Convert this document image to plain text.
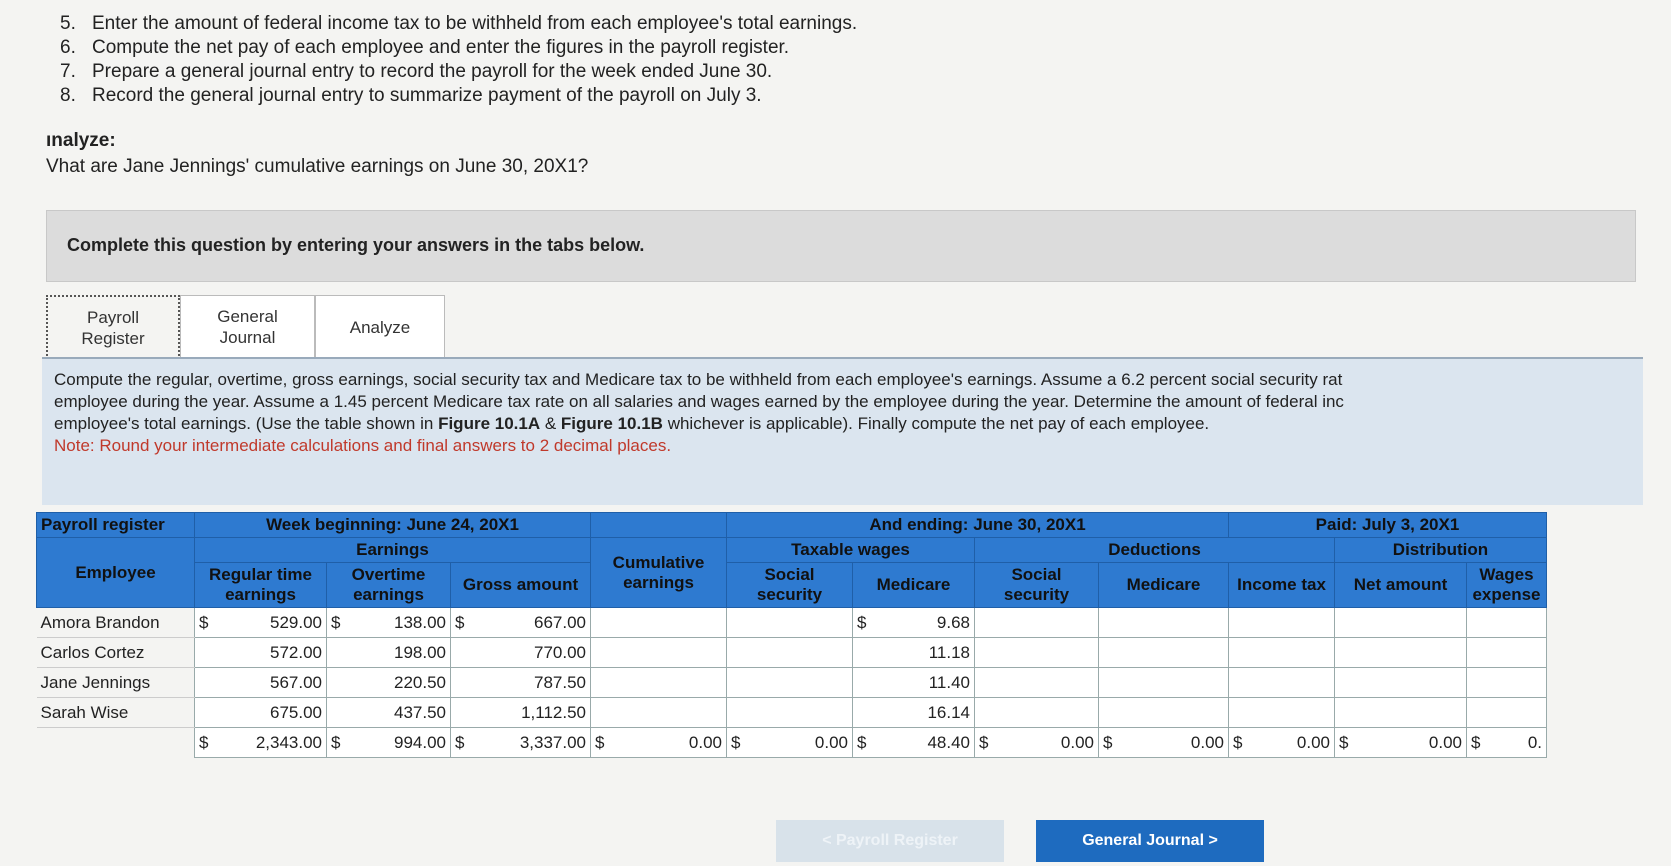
5. Enter the amount of federal income tax to be withheld from each employee's total earnings.
6. Compute the net pay of each employee and enter the figures in the payroll register.
7. Prepare a general journal entry to record the payroll for the week ended June 30.
8. Record the general journal entry to summarize payment of the payroll on July 3.
ınalyze:
Vhat are Jane Jennings' cumulative earnings on June 30, 20X1?
Complete this question by entering your answers in the tabs below.
Payroll
Register
General
Journal
Analyze

Compute the regular, overtime, gross earnings, social security tax and Medicare tax to be withheld from each employee's earnings. Assume a 6.2 percent social security rat

employee during the year. Assume a 1.45 percent Medicare tax rate on all salaries and wages earned by the employee during the year. Determine the amount of federal inc

employee's total earnings. (Use the table shown in Figure 10.1A & Figure 10.1B whichever is applicable). Finally compute the net pay of each employee.

Note: Round your intermediate calculations and final answers to 2 decimal places.

Payroll register	Week beginning: June 24, 20X1				And ending: June 30, 20X1				Paid: July 3, 20X1		
Employee	Earnings			Cumulative earnings	Taxable wages		Deductions			Distribution	
	Regular time earnings	Overtime earnings	Gross amount		Social security	Medicare	Social security	Medicare	Income tax	Net amount	Wages expense
Amora Brandon	$ 529.00	$ 138.00	$ 667.00			$ 9.68					

Carlos Cortez	572.00	198.00	770.00			11.18					
Jane Jennings	567.00	220.50	787.50			11.40					
Sarah Wise	675.00	437.50	1,112.50			16.14					

	$ 2,343.00	$ 994.00	$ 3,337.00	$ 0.00	$ 0.00	$ 48.40	$ 0.00	$ 0.00	$ 0.00	$ 0.00	$ 0.
< Payroll Register	General Journal >
